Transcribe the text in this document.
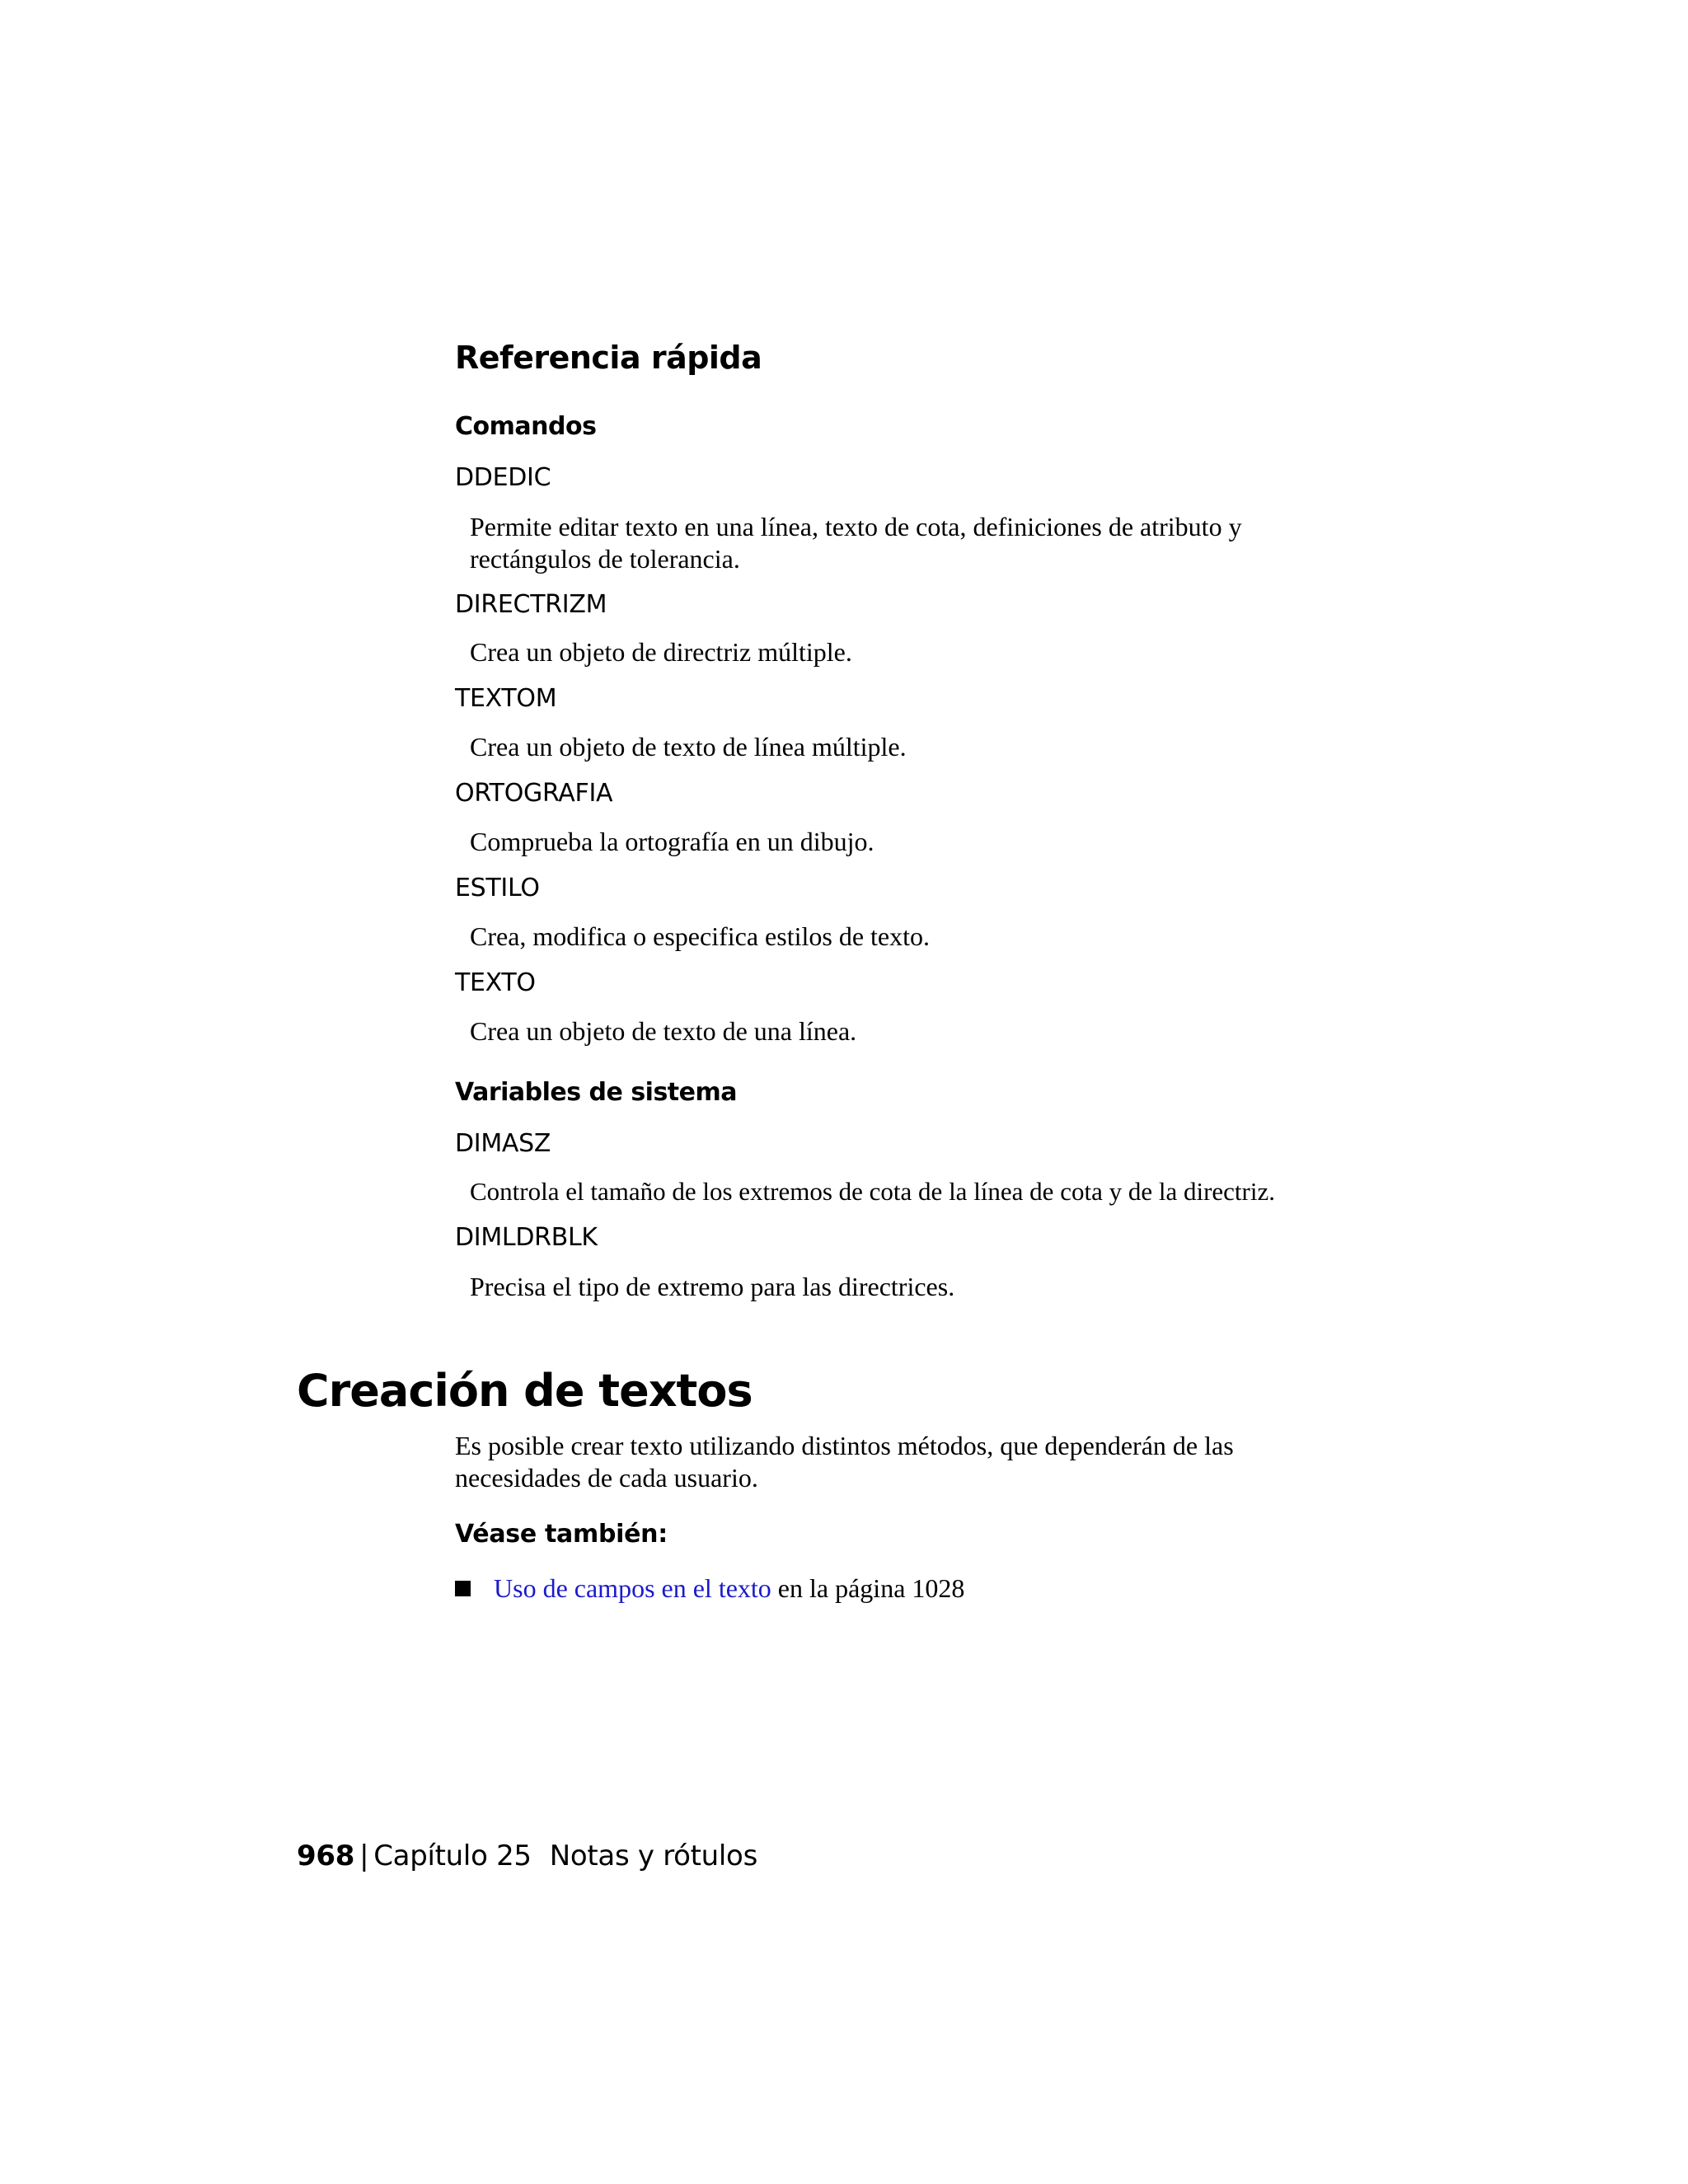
Referencia rápida
Comandos
DDEDIC

Permite editar texto en una línea, texto de cota, definiciones de atributo y rectángulos de tolerancia.

DIRECTRIZM

Crea un objeto de directriz múltiple.

TEXTOM

Crea un objeto de texto de línea múltiple.

ORTOGRAFIA

Comprueba la ortografía en un dibujo.

ESTILO

Crea, modifica o especifica estilos de texto.

TEXTO

Crea un objeto de texto de una línea.

Variables de sistema
DIMASZ

Controla el tamaño de los extremos de cota de la línea de cota y de la directriz.

DIMLDRBLK

Precisa el tipo de extremo para las directrices.

Creación de textos

Es posible crear texto utilizando distintos métodos, que dependerán de las necesidades de cada usuario.

Véase también:
Uso de campos en el texto en la página 1028
968 | Capítulo 25 Notas y rótulos
